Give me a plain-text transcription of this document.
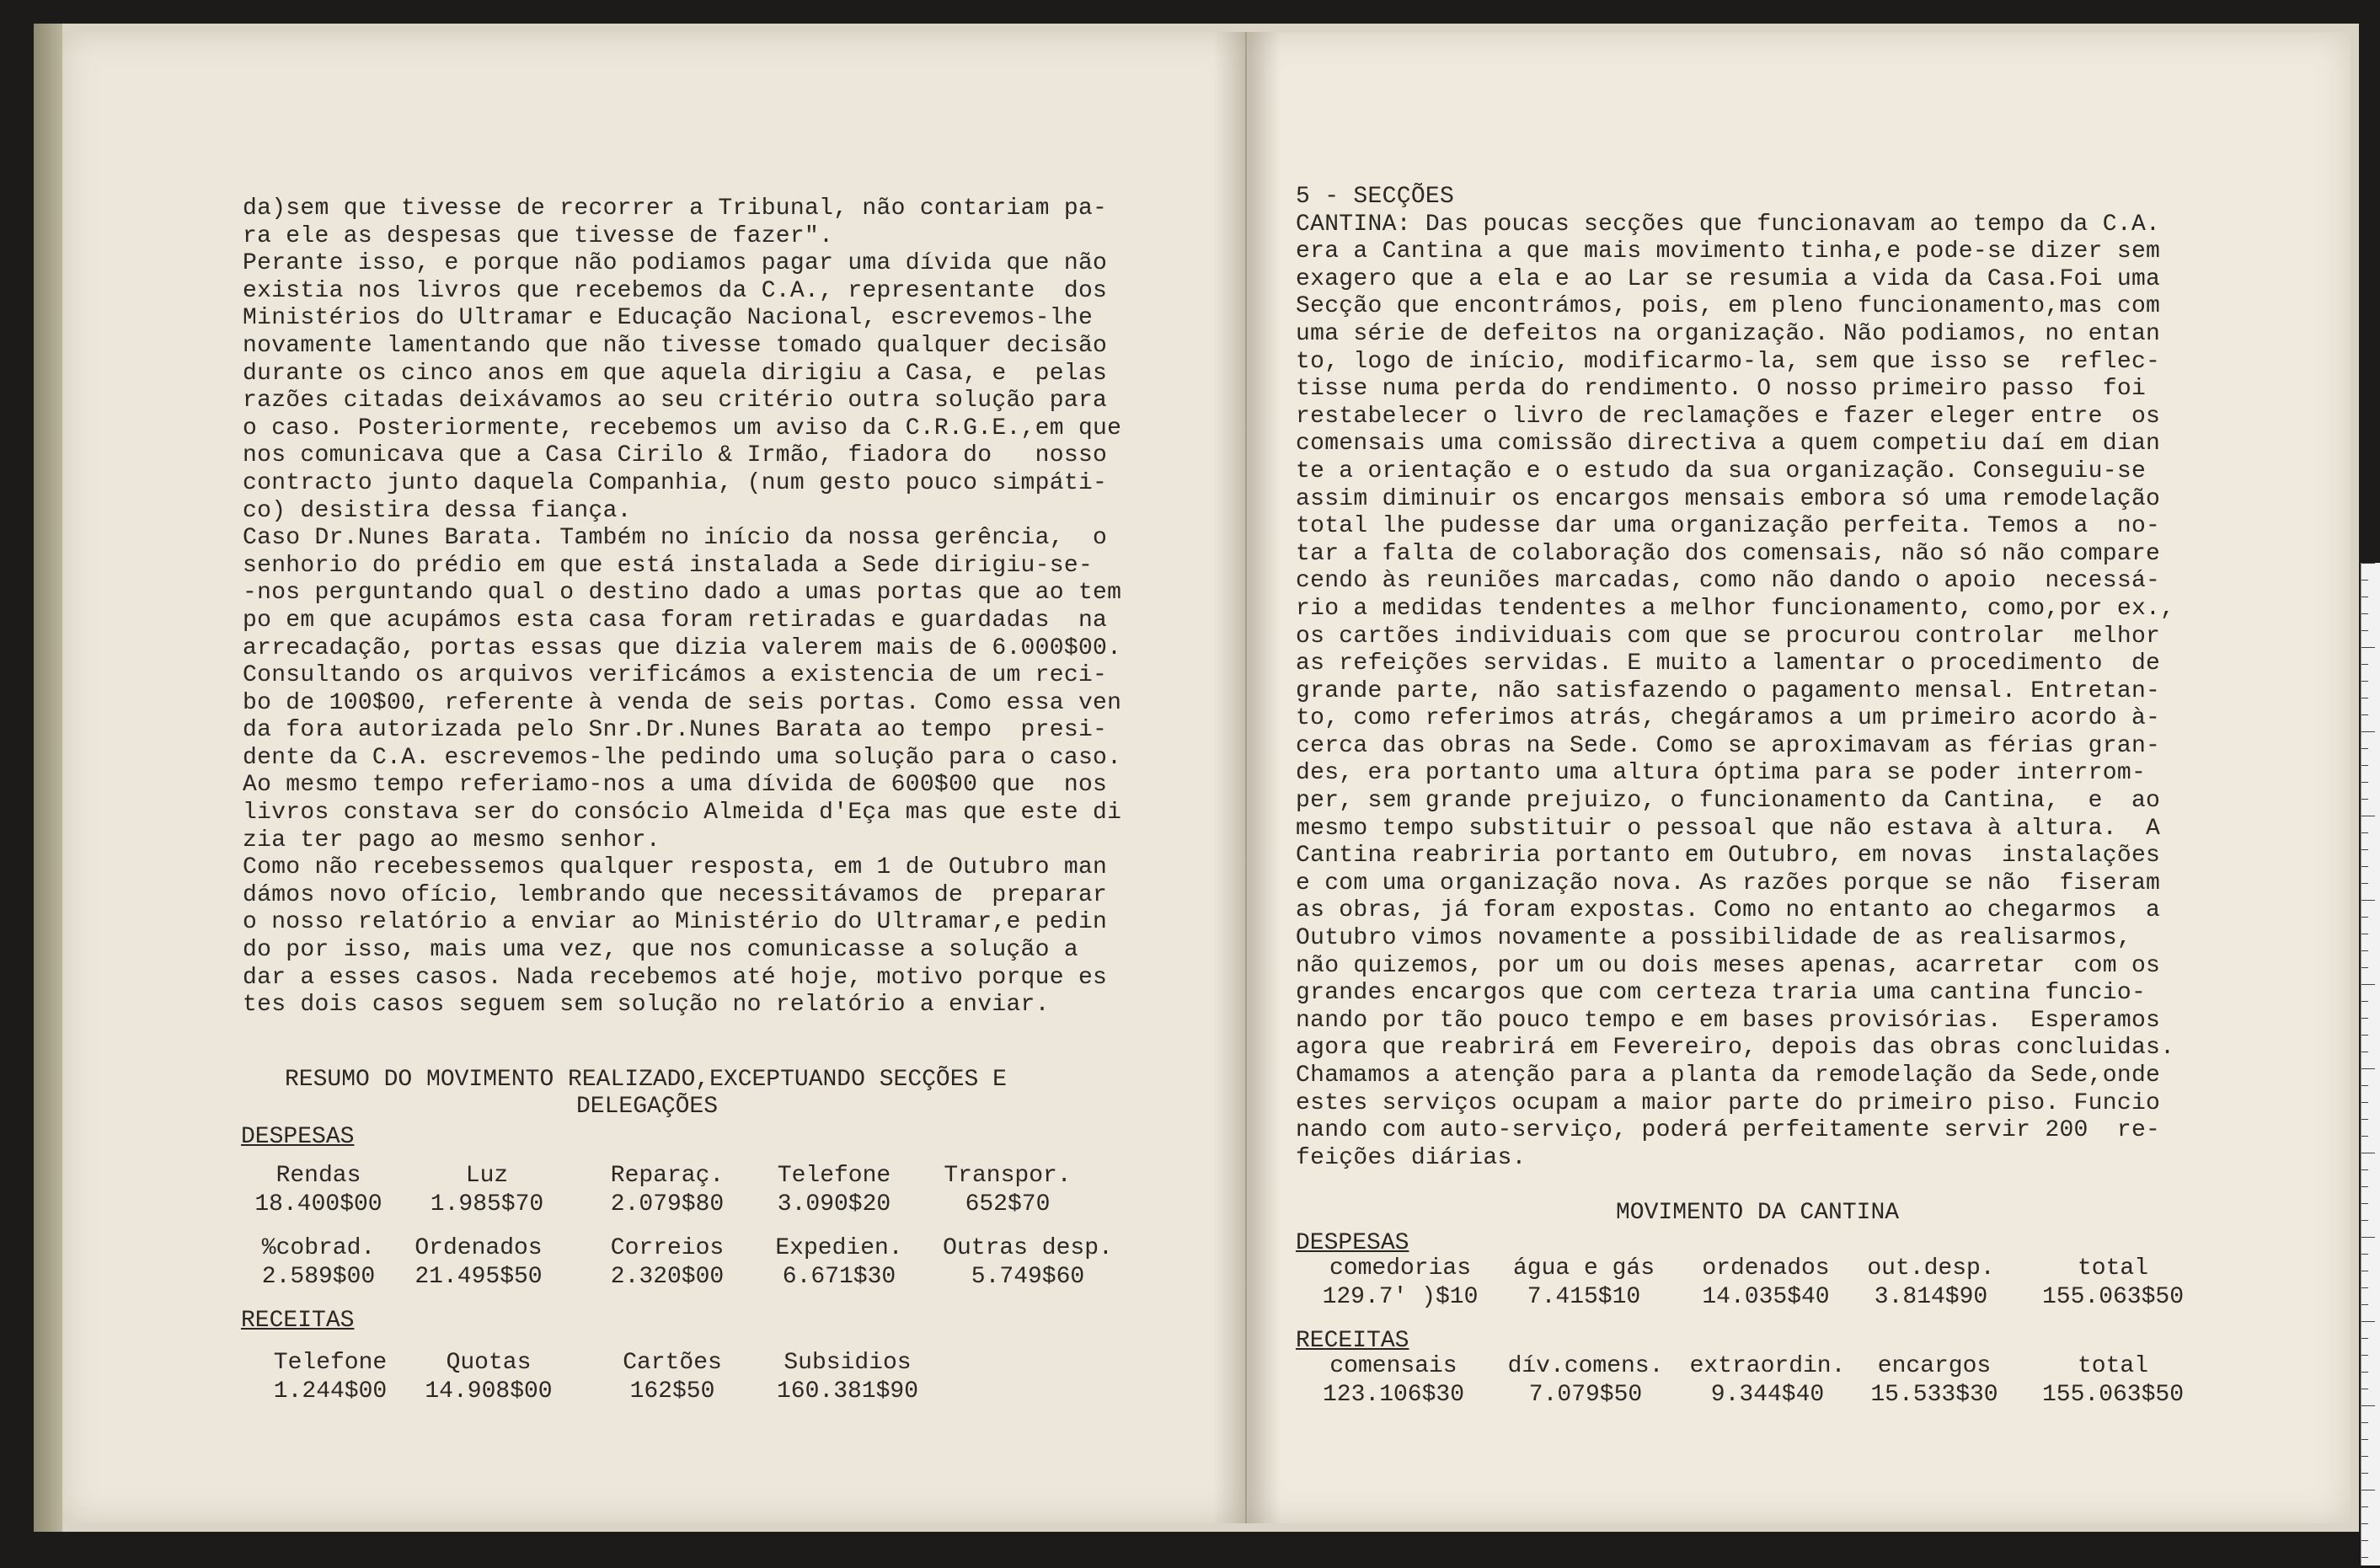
da)sem que tivesse de recorrer a Tribunal, não contariam pa-
ra ele as despesas que tivesse de fazer".
Perante isso, e porque não podiamos pagar uma dívida que não
existia nos livros que recebemos da C.A., representante  dos
Ministérios do Ultramar e Educação Nacional, escrevemos-lhe
novamente lamentando que não tivesse tomado qualquer decisão
durante os cinco anos em que aquela dirigiu a Casa, e  pelas
razões citadas deixávamos ao seu critério outra solução para
o caso. Posteriormente, recebemos um aviso da C.R.G.E.,em que
nos comunicava que a Casa Cirilo & Irmão, fiadora do   nosso
contracto junto daquela Companhia, (num gesto pouco simpáti-
co) desistira dessa fiança.
Caso Dr.Nunes Barata. Também no início da nossa gerência,  o
senhorio do prédio em que está instalada a Sede dirigiu-se-
-nos perguntando qual o destino dado a umas portas que ao tem
po em que acupámos esta casa foram retiradas e guardadas  na
arrecadação, portas essas que dizia valerem mais de 6.000$00.
Consultando os arquivos verificámos a existencia de um reci-
bo de 100$00, referente à venda de seis portas. Como essa ven
da fora autorizada pelo Snr.Dr.Nunes Barata ao tempo  presi-
dente da C.A. escrevemos-lhe pedindo uma solução para o caso.
Ao mesmo tempo referiamo-nos a uma dívida de 600$00 que  nos
livros constava ser do consócio Almeida d'Eça mas que este di
zia ter pago ao mesmo senhor.
Como não recebessemos qualquer resposta, em 1 de Outubro man
dámos novo ofício, lembrando que necessitávamos de  preparar
o nosso relatório a enviar ao Ministério do Ultramar,e pedin
do por isso, mais uma vez, que nos comunicasse a solução a
dar a esses casos. Nada recebemos até hoje, motivo porque es
tes dois casos seguem sem solução no relatório a enviar.
RESUMO DO MOVIMENTO REALIZADO,EXCEPTUANDO SECÇÕES E
DELEGAÇÕES
DESPESAS
Rendas
18.400$00
Luz
1.985$70
Reparaç.
2.079$80
Telefone
3.090$20
Transpor.
652$70
%cobrad.
2.589$00
Ordenados
21.495$50
Correios
2.320$00
Expedien.
6.671$30
Outras desp.
5.749$60
RECEITAS
Telefone
1.244$00
Quotas
14.908$00
Cartões
162$50
Subsidios
160.381$90
5 - SECÇÕES
CANTINA: Das poucas secções que funcionavam ao tempo da C.A.
era a Cantina a que mais movimento tinha,e pode-se dizer sem
exagero que a ela e ao Lar se resumia a vida da Casa.Foi uma
Secção que encontrámos, pois, em pleno funcionamento,mas com
uma série de defeitos na organização. Não podiamos, no entan
to, logo de início, modificarmo-la, sem que isso se  reflec-
tisse numa perda do rendimento. O nosso primeiro passo  foi
restabelecer o livro de reclamações e fazer eleger entre  os
comensais uma comissão directiva a quem competiu daí em dian
te a orientação e o estudo da sua organização. Conseguiu-se
assim diminuir os encargos mensais embora só uma remodelação
total lhe pudesse dar uma organização perfeita. Temos a  no-
tar a falta de colaboração dos comensais, não só não compare
cendo às reuniões marcadas, como não dando o apoio  necessá-
rio a medidas tendentes a melhor funcionamento, como,por ex.,
os cartões individuais com que se procurou controlar  melhor
as refeições servidas. E muito a lamentar o procedimento  de
grande parte, não satisfazendo o pagamento mensal. Entretan-
to, como referimos atrás, chegáramos a um primeiro acordo à-
cerca das obras na Sede. Como se aproximavam as férias gran-
des, era portanto uma altura óptima para se poder interrom-
per, sem grande prejuizo, o funcionamento da Cantina,  e  ao
mesmo tempo substituir o pessoal que não estava à altura.  A
Cantina reabriria portanto em Outubro, em novas  instalações
e com uma organização nova. As razões porque se não  fiseram
as obras, já foram expostas. Como no entanto ao chegarmos  a
Outubro vimos novamente a possibilidade de as realisarmos,
não quizemos, por um ou dois meses apenas, acarretar  com os
grandes encargos que com certeza traria uma cantina funcio-
nando por tão pouco tempo e em bases provisórias.  Esperamos
agora que reabrirá em Fevereiro, depois das obras concluidas.
Chamamos a atenção para a planta da remodelação da Sede,onde
estes serviços ocupam a maior parte do primeiro piso. Funcio
nando com auto-serviço, poderá perfeitamente servir 200  re-
feições diárias.
MOVIMENTO DA CANTINA
DESPESAS
comedorias
129.7' )$10
água e gás
7.415$10
ordenados
14.035$40
out.desp.
3.814$90
total
155.063$50
RECEITAS
comensais
123.106$30
dív.comens.
7.079$50
extraordin.
9.344$40
encargos
15.533$30
total
155.063$50
